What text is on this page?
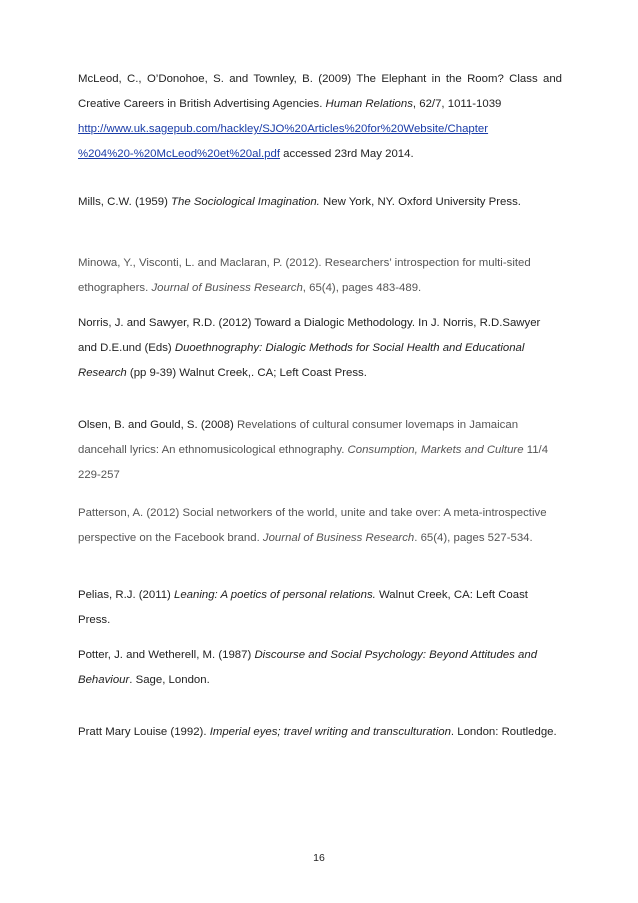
McLeod, C., O’Donohoe, S. and Townley, B. (2009) The Elephant in the Room? Class and Creative Careers in British Advertising Agencies. Human Relations, 62/7, 1011-1039
http://www.uk.sagepub.com/hackley/SJO%20Articles%20for%20Website/Chapter
%204%20-%20McLeod%20et%20al.pdf accessed 23rd May 2014.

Mills, C.W. (1959) The Sociological Imagination. New York, NY. Oxford University Press.

Minowa, Y., Visconti, L. and Maclaran, P. (2012). Researchers’ introspection for multi-sited ethographers. Journal of Business Research, 65(4), pages 483-489.

Norris, J. and Sawyer, R.D. (2012) Toward a Dialogic Methodology. In J. Norris, R.D.Sawyer and D.E.und (Eds) Duoethnography: Dialogic Methods for Social Health and Educational Research (pp 9-39) Walnut Creek,. CA; Left Coast Press.

Olsen, B. and Gould, S. (2008) Revelations of cultural consumer lovemaps in Jamaican dancehall lyrics: An ethnomusicological ethnography. Consumption, Markets and Culture 11/4 229-257

Patterson, A. (2012) Social networkers of the world, unite and take over: A meta-introspective perspective on the Facebook brand. Journal of Business Research. 65(4), pages 527-534.

Pelias, R.J. (2011) Leaning: A poetics of personal relations. Walnut Creek, CA: Left Coast Press.

Potter, J. and Wetherell, M. (1987) Discourse and Social Psychology: Beyond Attitudes and Behaviour. Sage, London.

Pratt Mary Louise (1992). Imperial eyes; travel writing and transculturation. London: Routledge.

16
